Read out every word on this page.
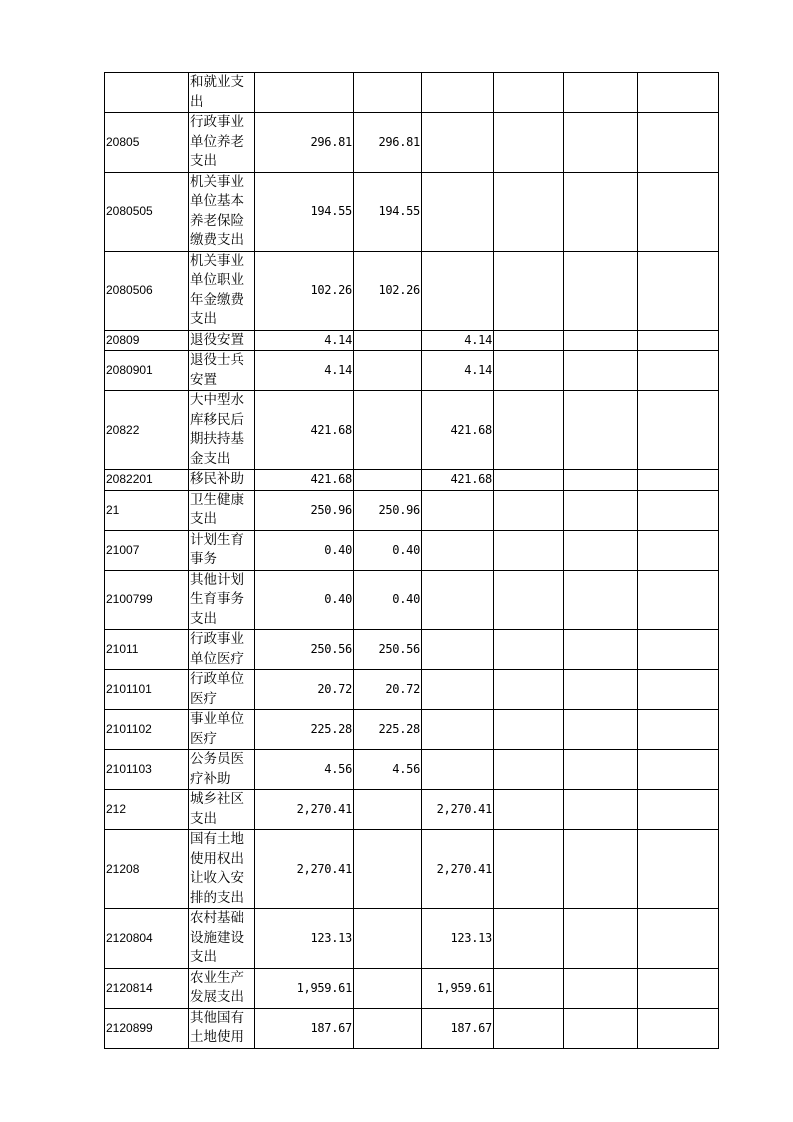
	和就业支出						
20805	行政事业单位养老支出	296.81	296.81				
2080505	机关事业单位基本养老保险缴费支出	194.55	194.55				
2080506	机关事业单位职业年金缴费支出	102.26	102.26				
20809	退役安置	4.14		4.14			
2080901	退役士兵安置	4.14		4.14			
20822	大中型水库移民后期扶持基金支出	421.68		421.68			
2082201	移民补助	421.68		421.68			
21	卫生健康支出	250.96	250.96				
21007	计划生育事务	0.40	0.40				
2100799	其他计划生育事务支出	0.40	0.40				
21011	行政事业单位医疗	250.56	250.56				
2101101	行政单位医疗	20.72	20.72				
2101102	事业单位医疗	225.28	225.28				
2101103	公务员医疗补助	4.56	4.56				
212	城乡社区支出	2,270.41		2,270.41			
21208	国有土地使用权出让收入安排的支出	2,270.41		2,270.41			
2120804	农村基础设施建设支出	123.13		123.13			
2120814	农业生产发展支出	1,959.61		1,959.61			
2120899	其他国有土地使用	187.67		187.67			
